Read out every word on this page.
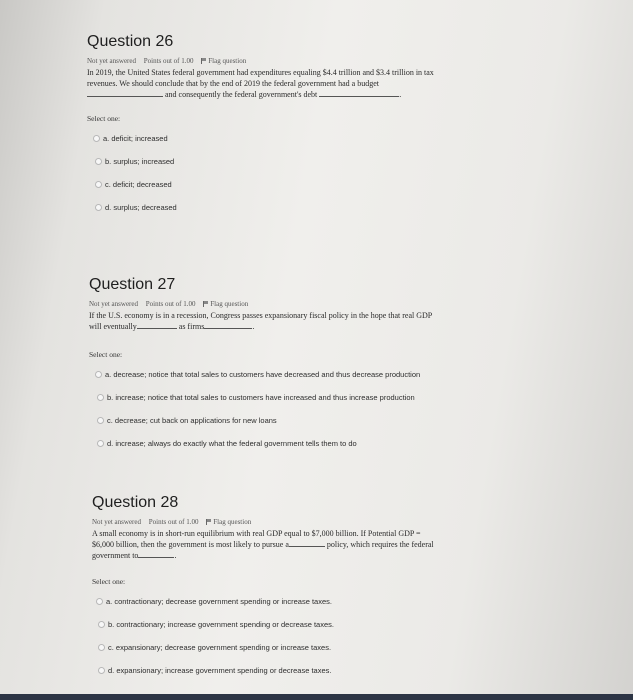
Question 26
Not yet answered Points out of 1.00 Flag question
In 2019, the United States federal government had expenditures equaling $4.4 trillion and $3.4 trillion in tax
revenues. We should conclude that by the end of 2019 the federal government had a budget
and consequently the federal government's debt	.
Select one:
a. deficit; increased
b. surplus; increased
c. deficit; decreased
d. surplus; decreased
Question 27
Not yet answered Points out of 1.00 Flag question
If the U.S. economy is in a recession, Congress passes expansionary fiscal policy in the hope that real GDP
will eventually	as firms	.
Select one:
a. decrease; notice that total sales to customers have decreased and thus decrease production
b. increase; notice that total sales to customers have increased and thus increase production
c. decrease; cut back on applications for new loans
d. increase; always do exactly what the federal government tells them to do
Question 28
Not yet answered Points out of 1.00 Flag question
A small economy is in short-run equilibrium with real GDP equal to $7,000 billion. If Potential GDP =
$6,000 billion, then the government is most likely to pursue a	policy, which requires the federal
government to	.
Select one:
a. contractionary; decrease government spending or increase taxes.
b. contractionary; increase government spending or decrease taxes.
c. expansionary; decrease government spending or increase taxes.
d. expansionary; increase government spending or decrease taxes.
